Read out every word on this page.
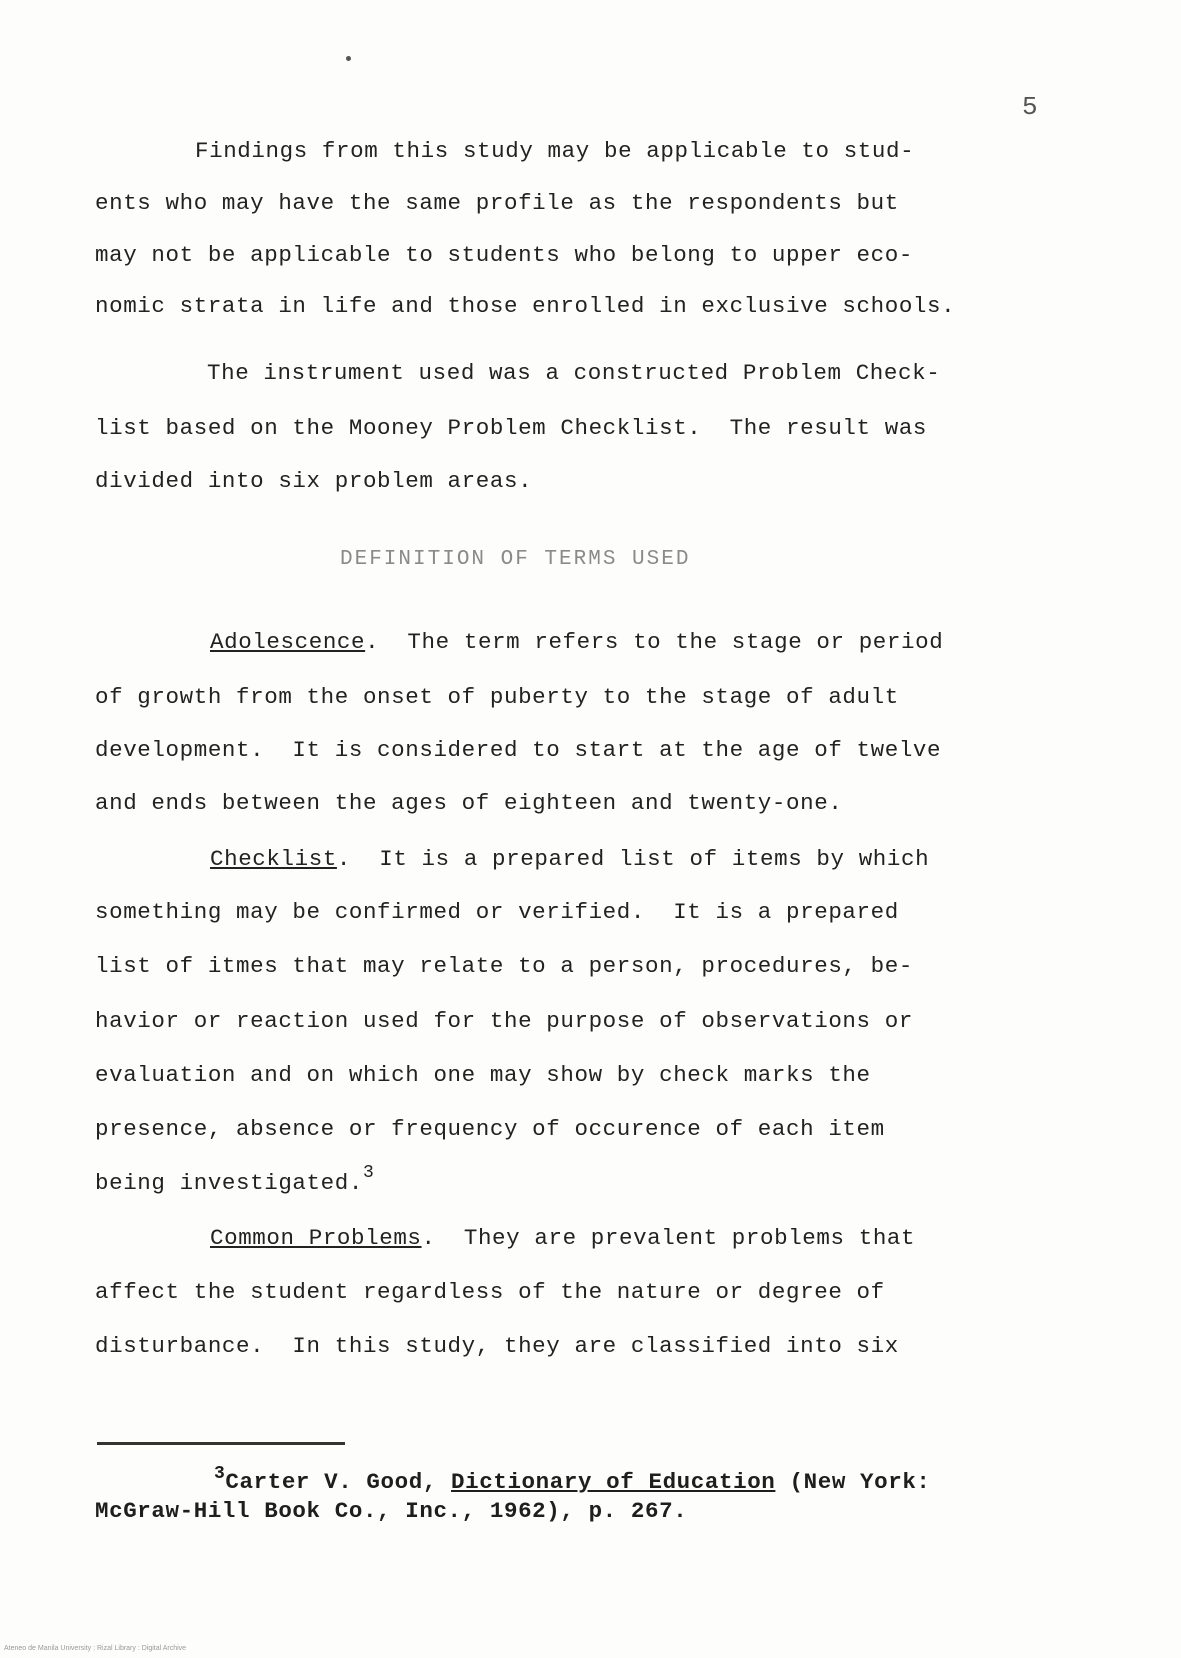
5
Findings from this study may be applicable to stud-
ents who may have the same profile as the respondents but
may not be applicable to students who belong to upper eco-
nomic strata in life and those enrolled in exclusive schools.
The instrument used was a constructed Problem Check-
list based on the Mooney Problem Checklist.  The result was
divided into six problem areas.
DEFINITION OF TERMS USED
Adolescence.  The term refers to the stage or period
of growth from the onset of puberty to the stage of adult
development.  It is considered to start at the age of twelve
and ends between the ages of eighteen and twenty-one.
Checklist.  It is a prepared list of items by which
something may be confirmed or verified.  It is a prepared
list of itmes that may relate to a person, procedures, be-
havior or reaction used for the purpose of observations or
evaluation and on which one may show by check marks the
presence, absence or frequency of occurence of each item
being investigated.$^3$
Common Problems.  They are prevalent problems that
affect the student regardless of the nature or degree of
disturbance.  In this study, they are classified into six
$^3$Carter V. Good, Dictionary of Education (New York:
McGraw-Hill Book Co., Inc., 1962), p. 267.
Ateneo de Manila University : Rizal Library : Digital Archive
